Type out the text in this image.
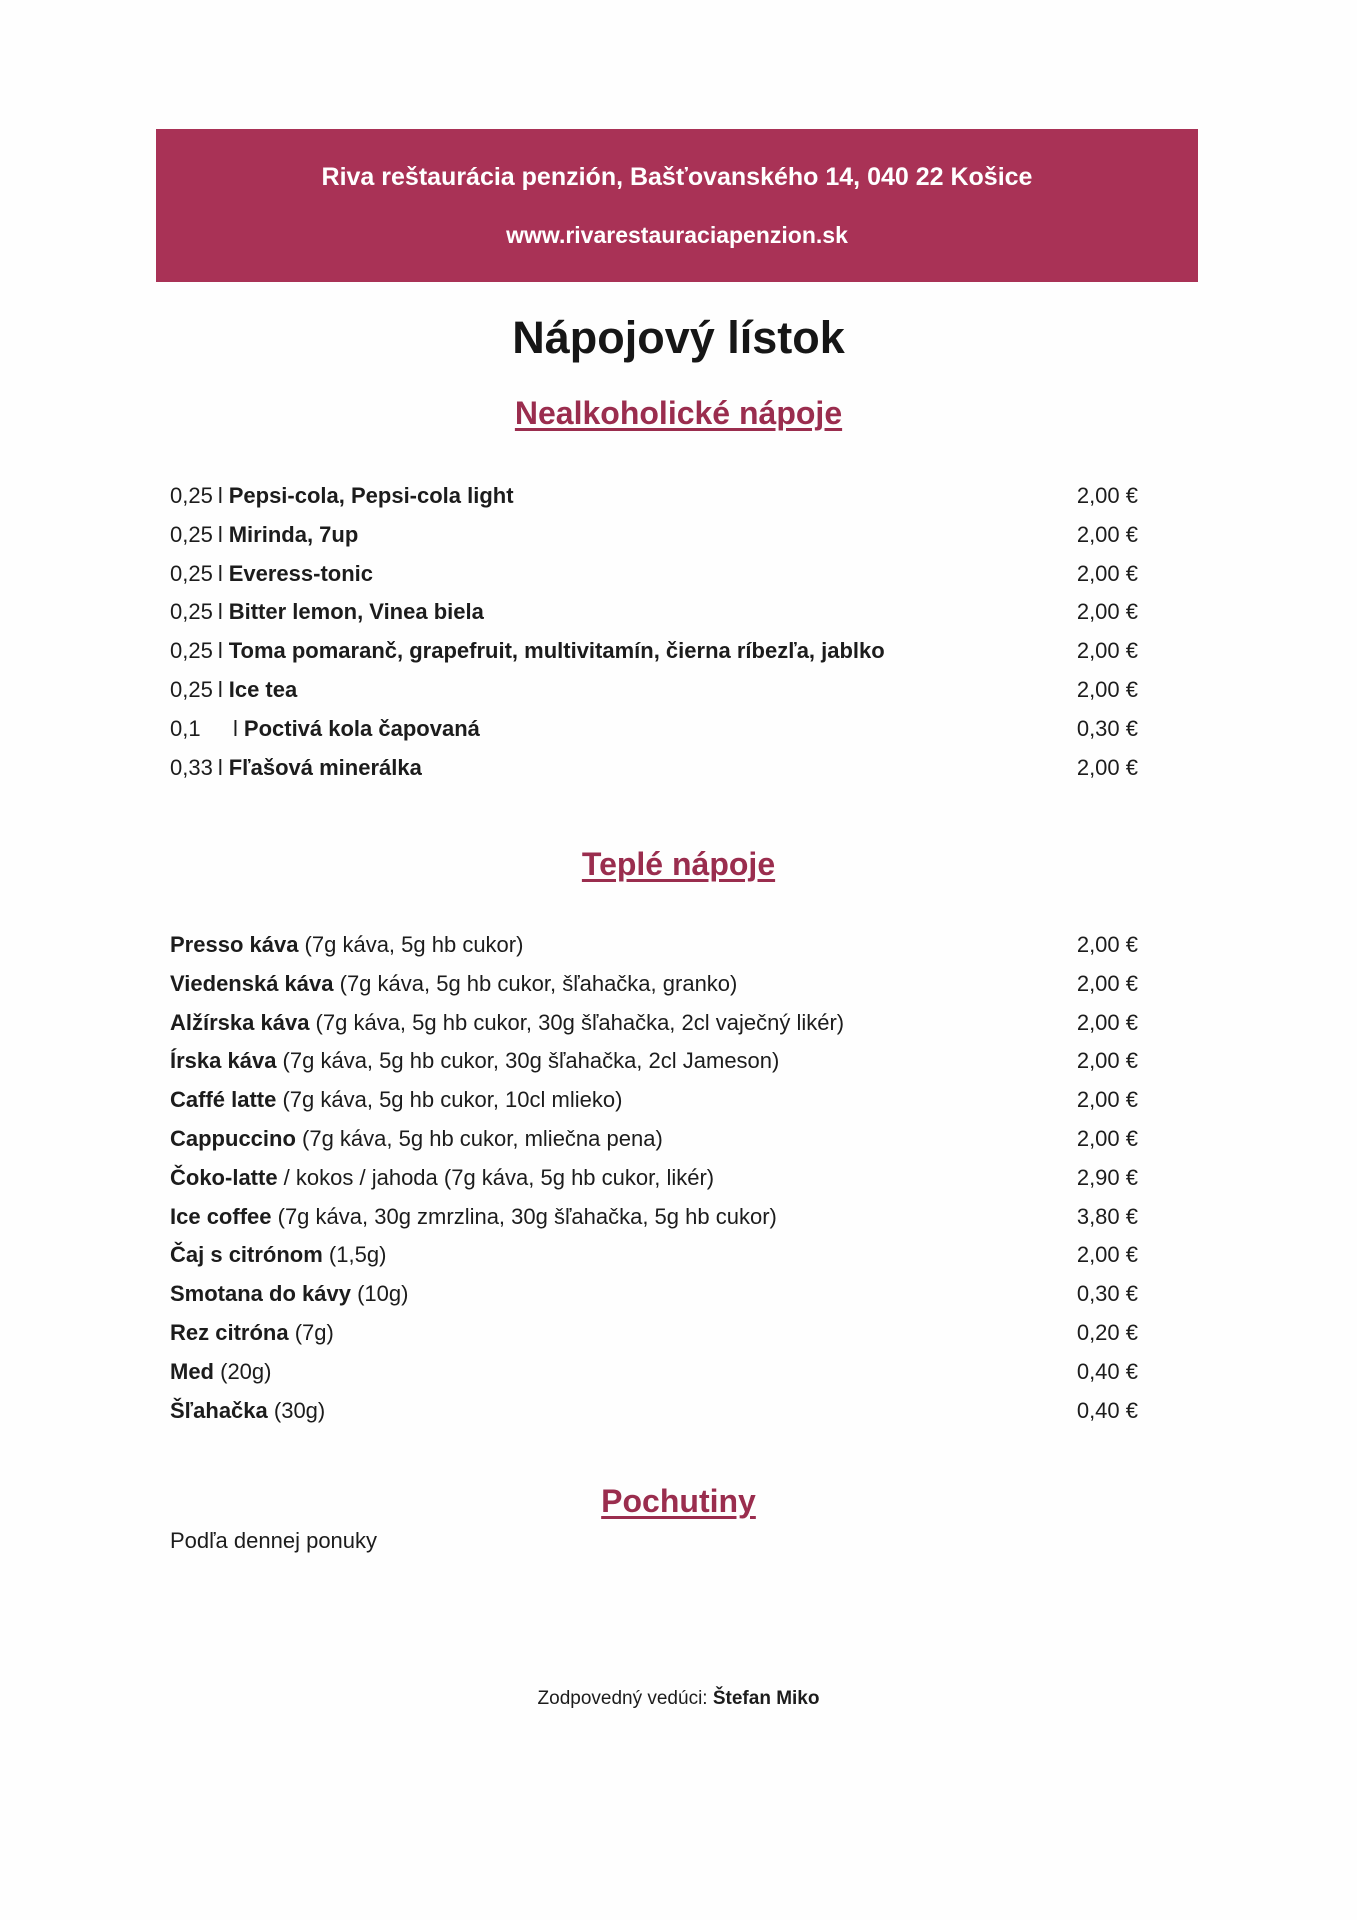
Riva reštaurácia penzión, Bašťovanského 14, 040 22 Košice
www.rivarestauraciapenzion.sk
Nápojový lístok
Nealkoholické nápoje
0,25 l Pepsi-cola, Pepsi-cola light	2,00 €
0,25 l Mirinda, 7up	2,00 €
0,25 l Everess-tonic	2,00 €
0,25 l Bitter lemon, Vinea biela	2,00 €
0,25 l Toma pomaranč, grapefruit, multivitamín, čierna ríbezľa, jablko	2,00 €
0,25 l Ice tea	2,00 €
0,1 l Poctivá kola čapovaná	0,30 €
0,33 l Fľašová minerálka	2,00 €
Teplé nápoje
Presso káva (7g káva, 5g hb cukor)	2,00 €
Viedenská káva (7g káva, 5g hb cukor, šľahačka, granko)	2,00 €
Alžírska káva (7g káva, 5g hb cukor, 30g šľahačka, 2cl vaječný likér)	2,00 €
Írska káva (7g káva, 5g hb cukor, 30g šľahačka, 2cl Jameson)	2,00 €
Caffé latte (7g káva, 5g hb cukor, 10cl mlieko)	2,00 €
Cappuccino (7g káva, 5g hb cukor, mliečna pena)	2,00 €
Čoko-latte / kokos / jahoda (7g káva, 5g hb cukor, likér)	2,90 €
Ice coffee (7g káva, 30g zmrzlina, 30g šľahačka, 5g hb cukor)	3,80 €
Čaj s citrónom (1,5g)	2,00 €
Smotana do kávy (10g)	0,30 €
Rez citróna (7g)	0,20 €
Med (20g)	0,40 €
Šľahačka (30g)	0,40 €
Pochutiny
Podľa dennej ponuky
Zodpovedný vedúci: Štefan Miko
